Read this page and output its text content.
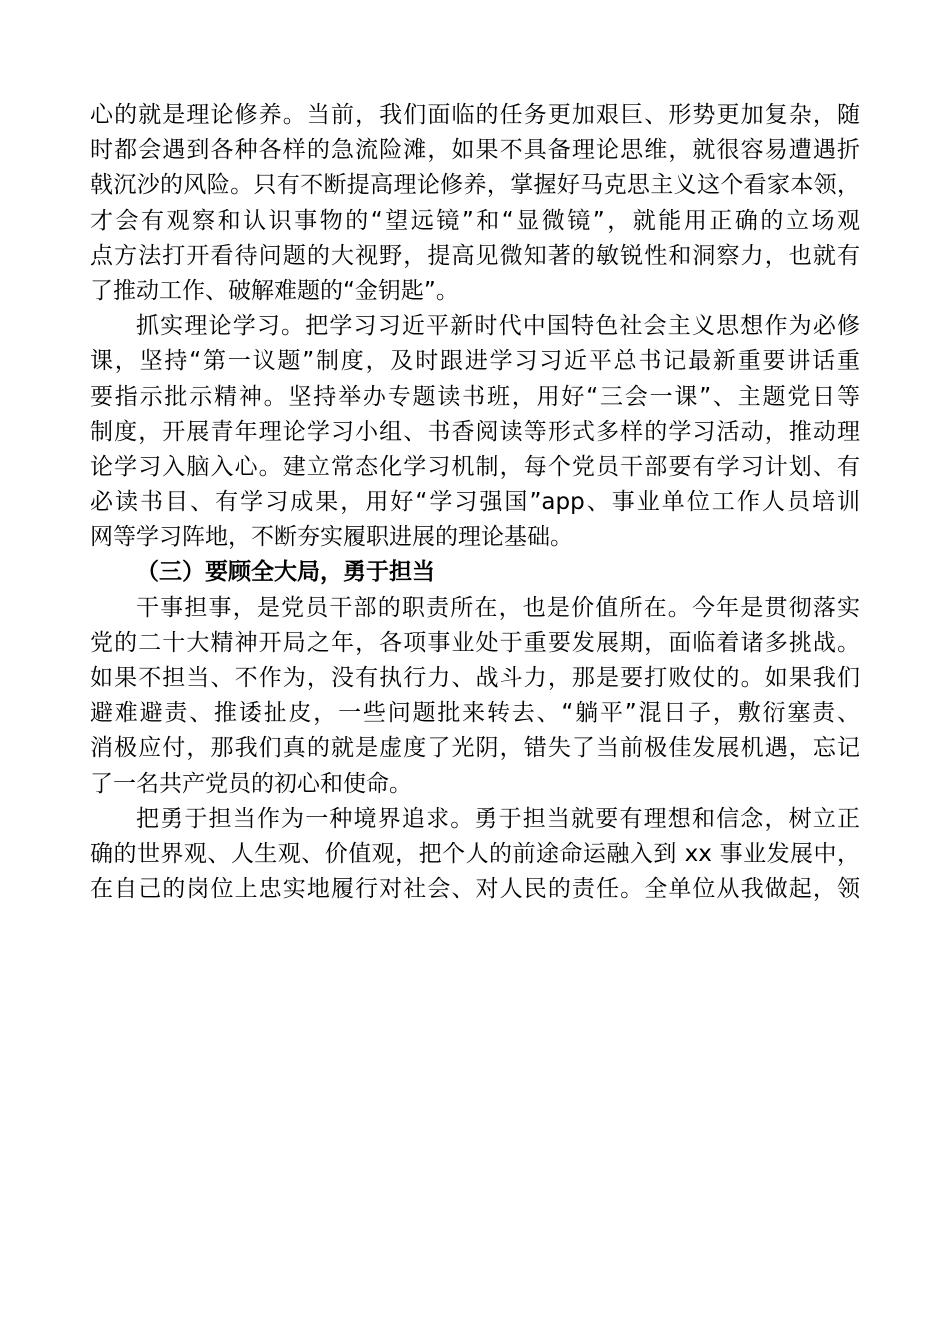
心的就是理论修养。当前，我们面临的任务更加艰巨、形势更加复杂，随
时都会遇到各种各样的急流险滩，如果不具备理论思维，就很容易遭遇折
戟沉沙的风险。只有不断提高理论修养，掌握好马克思主义这个看家本领，
才会有观察和认识事物的“望远镜”和“显微镜”，就能用正确的立场观
点方法打开看待问题的大视野，提高见微知著的敏锐性和洞察力，也就有
了推动工作、破解难题的“金钥匙”。
抓实理论学习。把学习习近平新时代中国特色社会主义思想作为必修
课，坚持“第一议题”制度，及时跟进学习习近平总书记最新重要讲话重
要指示批示精神。坚持举办专题读书班，用好“三会一课”、主题党日等
制度，开展青年理论学习小组、书香阅读等形式多样的学习活动，推动理
论学习入脑入心。建立常态化学习机制，每个党员干部要有学习计划、有
必读书目、有学习成果，用好“学习强国”app、事业单位工作人员培训
网等学习阵地，不断夯实履职进展的理论基础。
（三）要顾全大局，勇于担当
干事担事，是党员干部的职责所在，也是价值所在。今年是贯彻落实
党的二十大精神开局之年，各项事业处于重要发展期，面临着诸多挑战。
如果不担当、不作为，没有执行力、战斗力，那是要打败仗的。如果我们
避难避责、推诿扯皮，一些问题批来转去、“躺平”混日子，敷衍塞责、
消极应付，那我们真的就是虚度了光阴，错失了当前极佳发展机遇，忘记
了一名共产党员的初心和使命。
把勇于担当作为一种境界追求。勇于担当就要有理想和信念，树立正
确的世界观、人生观、价值观，把个人的前途命运融入到 xx 事业发展中，
在自己的岗位上忠实地履行对社会、对人民的责任。全单位从我做起，领
